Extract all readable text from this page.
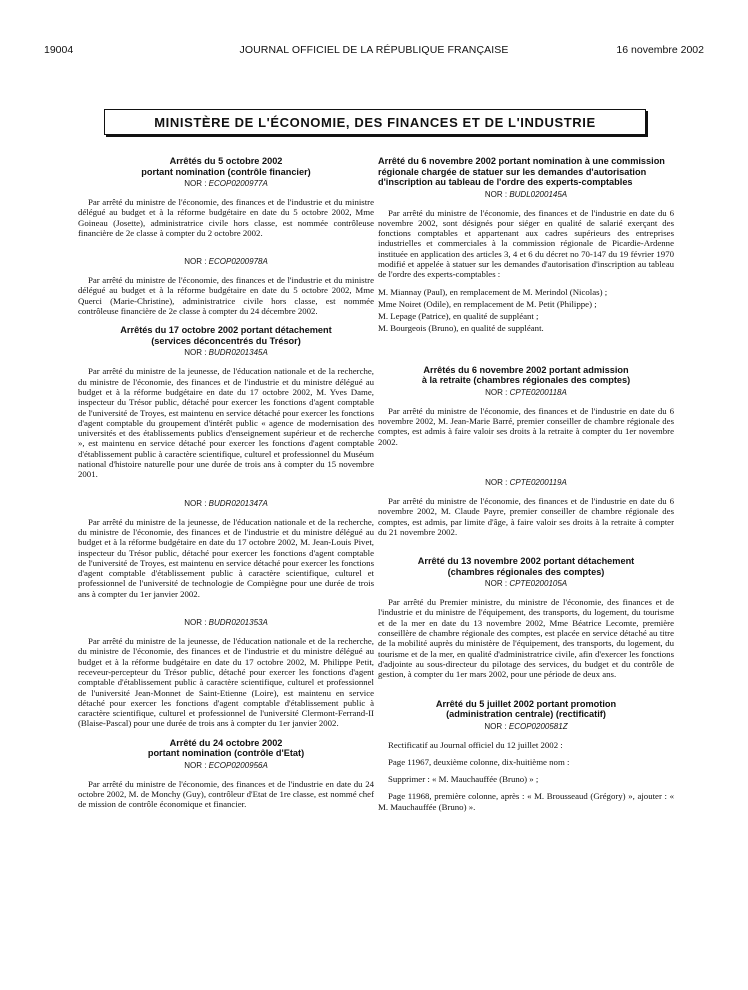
19004	JOURNAL OFFICIEL DE LA RÉPUBLIQUE FRANÇAISE	16 novembre 2002
MINISTÈRE DE L'ÉCONOMIE, DES FINANCES ET DE L'INDUSTRIE

Arrêtés du 5 octobre 2002

portant nomination (contrôle financier)

NOR : ECOP0200977A

Par arrêté du ministre de l'économie, des finances et de l'industrie et du ministre délégué au budget et à la réforme budgétaire en date du 5 octobre 2002, Mme Goineau (Josette), administratrice civile hors classe, est nommée contrôleuse financière de 2e classe à compter du 2 octobre 2002.

NOR : ECOP0200978A

Par arrêté du ministre de l'économie, des finances et de l'industrie et du ministre délégué au budget et à la réforme budgétaire en date du 5 octobre 2002, Mme Querci (Marie-Christine), administratrice civile hors classe, est nommée contrôleuse financière de 2e classe à compter du 24 décembre 2002.

Arrêtés du 17 octobre 2002 portant détachement

(services déconcentrés du Trésor)

NOR : BUDR0201345A

Par arrêté du ministre de la jeunesse, de l'éducation nationale et de la recherche, du ministre de l'économie, des finances et de l'industrie et du ministre délégué au budget et à la réforme budgétaire en date du 17 octobre 2002, M. Yves Dame, inspecteur du Trésor public, détaché pour exercer les fonctions d'agent comptable de l'université de Troyes, est maintenu en service détaché pour exercer les fonctions d'agent comptable du groupement d'intérêt public « agence de modernisation des universités et des établissements publics d'enseignement supérieur et de recherche », est maintenu en service détaché pour exercer les fonctions d'agent comptable d'établissement public à caractère scientifique, culturel et professionnel du Muséum national d'histoire naturelle pour une durée de trois ans à compter du 15 novembre 2001.

NOR : BUDR0201347A

Par arrêté du ministre de la jeunesse, de l'éducation nationale et de la recherche, du ministre de l'économie, des finances et de l'industrie et du ministre délégué au budget et à la réforme budgétaire en date du 17 octobre 2002, M. Jean-Louis Pivet, inspecteur du Trésor public, détaché pour exercer les fonctions d'agent comptable de l'université de Troyes, est maintenu en service détaché pour exercer les fonctions d'agent comptable d'établissement public à caractère scientifique, culturel et professionnel de l'université de technologie de Compiègne pour une durée de trois ans à compter du 1er janvier 2002.

NOR : BUDR0201353A

Par arrêté du ministre de la jeunesse, de l'éducation nationale et de la recherche, du ministre de l'économie, des finances et de l'industrie et du ministre délégué au budget et à la réforme budgétaire en date du 17 octobre 2002, M. Philippe Petit, receveur-percepteur du Trésor public, détaché pour exercer les fonctions d'agent comptable d'établissement public à caractère scientifique, culturel et professionnel de l'université Jean-Monnet de Saint-Etienne (Loire), est maintenu en service détaché pour exercer les fonctions d'agent comptable d'établissement public à caractère scientifique, culturel et professionnel de l'université Clermont-Ferrand-II (Blaise-Pascal) pour une durée de trois ans à compter du 1er janvier 2002.

Arrêté du 24 octobre 2002

portant nomination (contrôle d'Etat)

NOR : ECOP0200956A

Par arrêté du ministre de l'économie, des finances et de l'industrie en date du 24 octobre 2002, M. de Monchy (Guy), contrôleur d'Etat de 1re classe, est nommé chef de mission de contrôle économique et financier.

Arrêté du 6 novembre 2002 portant nomination à une commission régionale chargée de statuer sur les demandes d'autorisation d'inscription au tableau de l'ordre des experts-comptables

NOR : BUDL0200145A

Par arrêté du ministre de l'économie, des finances et de l'industrie en date du 6 novembre 2002, sont désignés pour siéger en qualité de salarié exerçant des fonctions comptables et appartenant aux cadres supérieurs des entreprises industrielles et commerciales à la commission régionale de Picardie-Ardenne instituée en application des articles 3, 4 et 6 du décret no 70-147 du 19 février 1970 modifié et appelée à statuer sur les demandes d'autorisation d'inscription au tableau de l'ordre des experts-comptables :

M. Miannay (Paul), en remplacement de M. Merindol (Nicolas) ;

Mme Noiret (Odile), en remplacement de M. Petit (Philippe) ;

M. Lepage (Patrice), en qualité de suppléant ;

M. Bourgeois (Bruno), en qualité de suppléant.

Arrêtés du 6 novembre 2002 portant admission

à la retraite (chambres régionales des comptes)

NOR : CPTE0200118A

Par arrêté du ministre de l'économie, des finances et de l'industrie en date du 6 novembre 2002, M. Jean-Marie Barré, premier conseiller de chambre régionale des comptes, est admis à faire valoir ses droits à la retraite à compter du 1er novembre 2002.

NOR : CPTE0200119A

Par arrêté du ministre de l'économie, des finances et de l'industrie en date du 6 novembre 2002, M. Claude Payre, premier conseiller de chambre régionale des comptes, est admis, par limite d'âge, à faire valoir ses droits à la retraite à compter du 21 novembre 2002.

Arrêté du 13 novembre 2002 portant détachement

(chambres régionales des comptes)

NOR : CPTE0200105A

Par arrêté du Premier ministre, du ministre de l'économie, des finances et de l'industrie et du ministre de l'équipement, des transports, du logement, du tourisme et de la mer en date du 13 novembre 2002, Mme Béatrice Lecomte, première conseillère de chambre régionale des comptes, est placée en service détaché au titre de la mobilité auprès du ministère de l'équipement, des transports, du logement, du tourisme et de la mer, en qualité d'administratrice civile, afin d'exercer les fonctions d'adjointe au sous-directeur du pilotage des services, du budget et du contrôle de gestion, à compter du 1er mars 2002, pour une période de deux ans.

Arrêté du 5 juillet 2002 portant promotion

(administration centrale) (rectificatif)

NOR : ECOP0200581Z

Rectificatif au Journal officiel du 12 juillet 2002 :

Page 11967, deuxième colonne, dix-huitième nom :

Supprimer : « M. Mauchauffée (Bruno) » ;

Page 11968, première colonne, après : « M. Brousseaud (Grégory) », ajouter : « M. Mauchauffée (Bruno) ».
